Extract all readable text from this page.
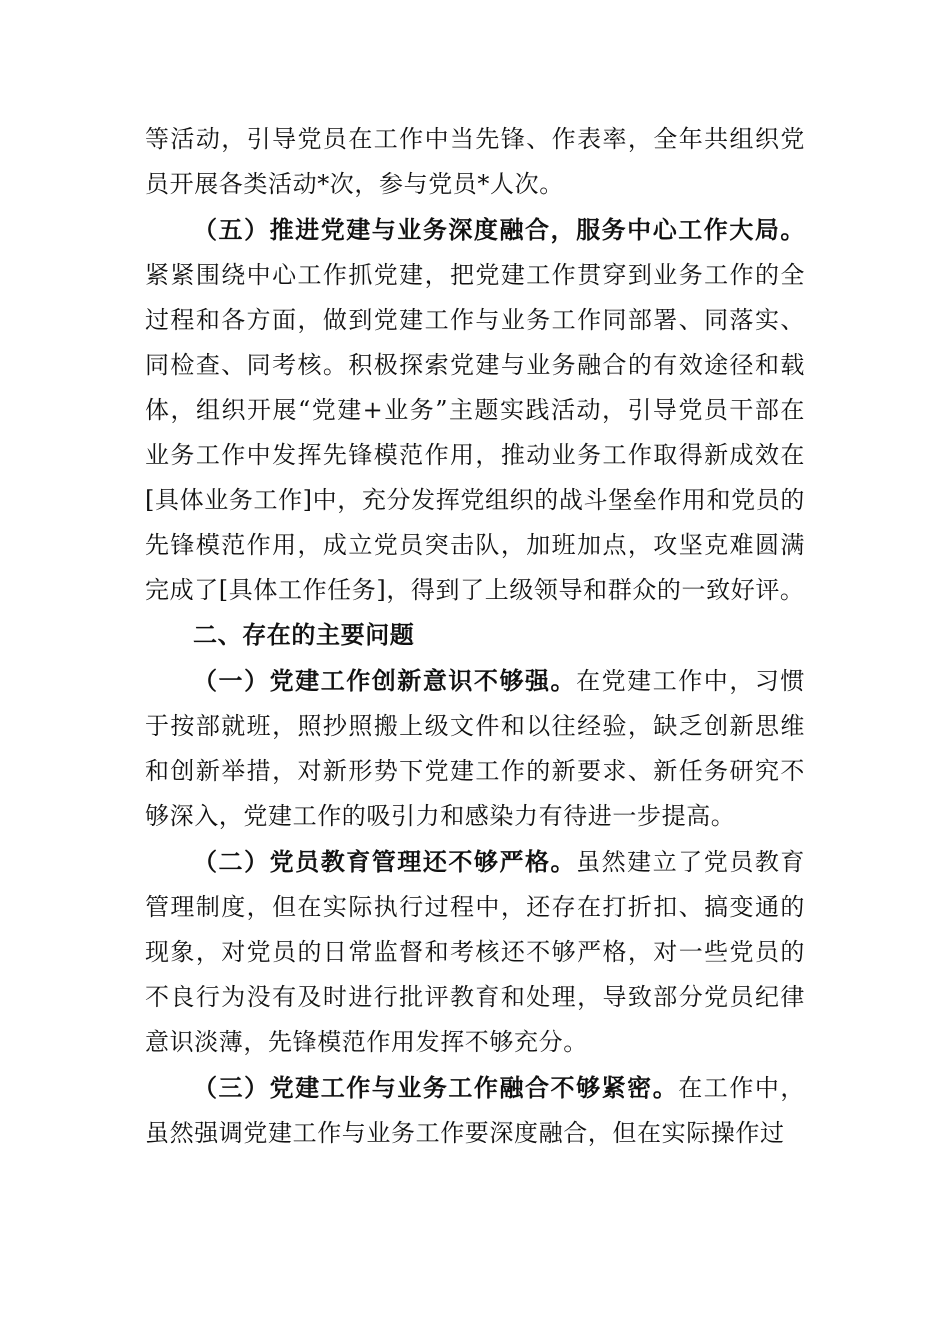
等活动，引导党员在工作中当先锋、作表率，全年共组织党员开展各类活动*次，参与党员*人次。

（五）推进党建与业务深度融合，服务中心工作大局。紧紧围绕中心工作抓党建，把党建工作贯穿到业务工作的全过程和各方面，做到党建工作与业务工作同部署、同落实、同检查、同考核。积极探索党建与业务融合的有效途径和载体，组织开展“党建+业务”主题实践活动，引导党员干部在业务工作中发挥先锋模范作用，推动业务工作取得新成效在[具体业务工作]中，充分发挥党组织的战斗堡垒作用和党员的先锋模范作用，成立党员突击队，加班加点，攻坚克难圆满完成了[具体工作任务]，得到了上级领导和群众的一致好评。

二、存在的主要问题

（一）党建工作创新意识不够强。在党建工作中，习惯于按部就班，照抄照搬上级文件和以往经验，缺乏创新思维和创新举措，对新形势下党建工作的新要求、新任务研究不够深入，党建工作的吸引力和感染力有待进一步提高。

（二）党员教育管理还不够严格。虽然建立了党员教育管理制度，但在实际执行过程中，还存在打折扣、搞变通的现象，对党员的日常监督和考核还不够严格，对一些党员的不良行为没有及时进行批评教育和处理，导致部分党员纪律意识淡薄，先锋模范作用发挥不够充分。

（三）党建工作与业务工作融合不够紧密。在工作中，虽然强调党建工作与业务工作要深度融合，但在实际操作过
